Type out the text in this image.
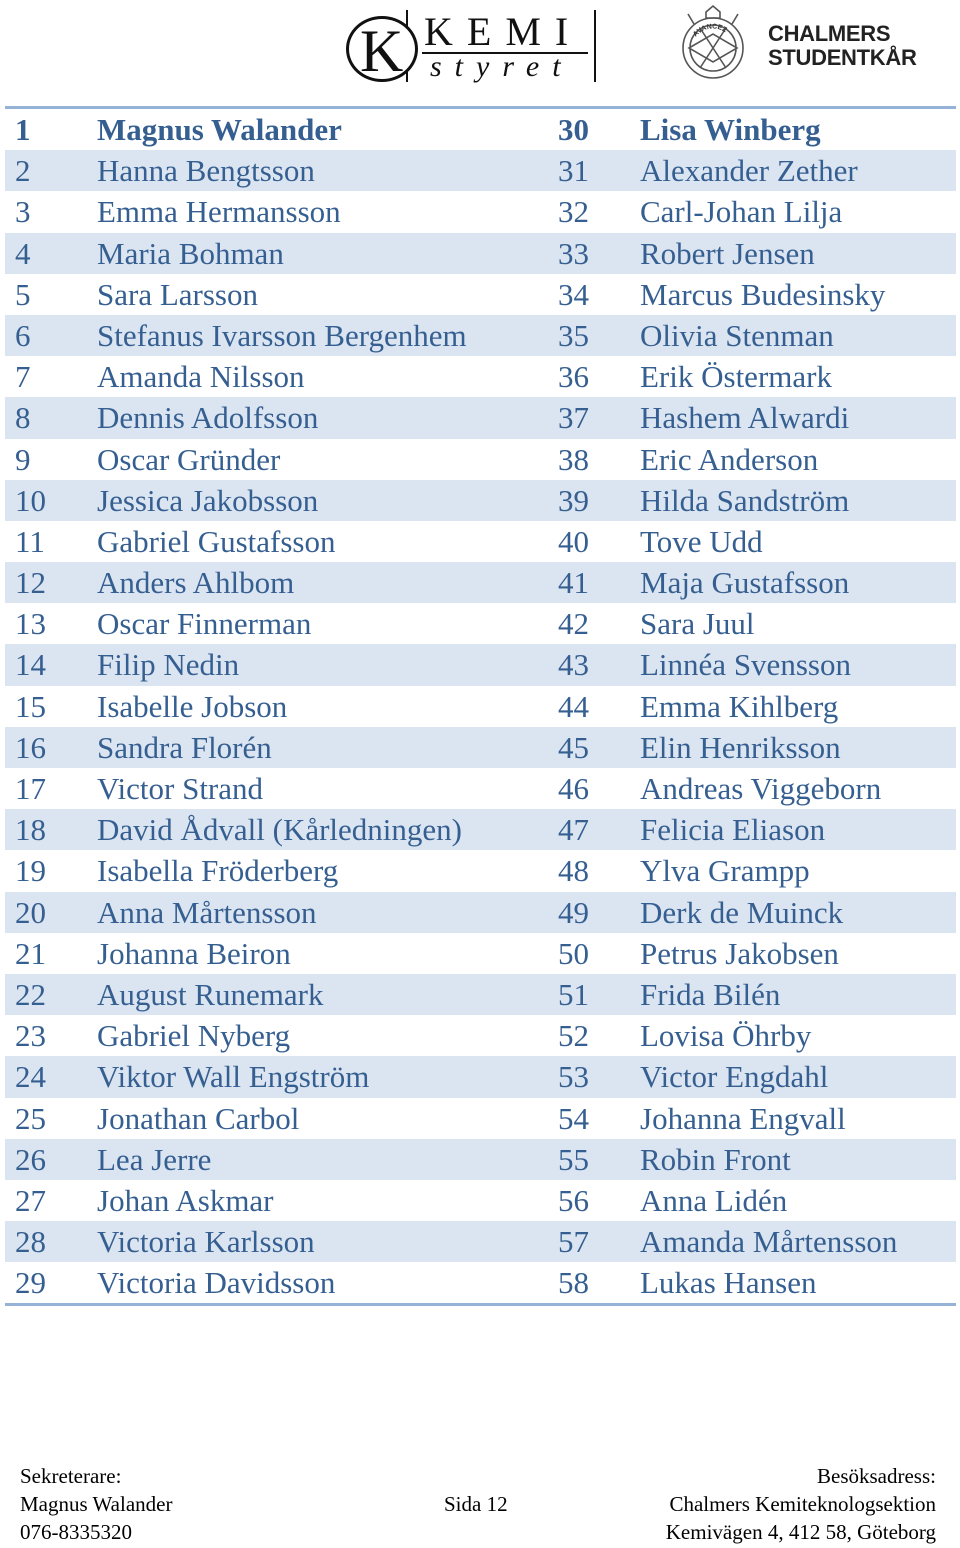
KEMI
styret
K	AVANCEZ CHALMERS
STUDENTKÅR
1 Magnus Walander	30 Lisa Winberg
2 Hanna Bengtsson	31 Alexander Zether
3 Emma Hermansson	32 Carl-Johan Lilja
4 Maria Bohman	33 Robert Jensen
5 Sara Larsson	34 Marcus Budesinsky
6 Stefanus Ivarsson Bergenhem	35 Olivia Stenman
7 Amanda Nilsson	36 Erik Östermark
8 Dennis Adolfsson	37 Hashem Alwardi
9 Oscar Gründer	38 Eric Anderson
10 Jessica Jakobsson	39 Hilda Sandström
11 Gabriel Gustafsson	40 Tove Udd
12 Anders Ahlbom	41 Maja Gustafsson
13 Oscar Finnerman	42 Sara Juul
14 Filip Nedin	43 Linnéa Svensson
15 Isabelle Jobson	44 Emma Kihlberg
16 Sandra Florén	45 Elin Henriksson
17 Victor Strand	46 Andreas Viggeborn
18 David Ådvall (Kårledningen)	47 Felicia Eliason
19 Isabella Fröderberg	48 Ylva Grampp
20 Anna Mårtensson	49 Derk de Muinck
21 Johanna Beiron	50 Petrus Jakobsen
22 August Runemark	51 Frida Bilén
23 Gabriel Nyberg	52 Lovisa Öhrby
24 Viktor Wall Engström	53 Victor Engdahl
25 Jonathan Carbol	54 Johanna Engvall
26 Lea Jerre	55 Robin Front
27 Johan Askmar	56 Anna Lidén
28 Victoria Karlsson	57 Amanda Mårtensson
29 Victoria Davidsson	58 Lukas Hansen
Sekreterare:
Magnus Walander
076-8335320
Sida 12
Besöksadress:
Chalmers Kemiteknologsektion
Kemivägen 4, 412 58, Göteborg
